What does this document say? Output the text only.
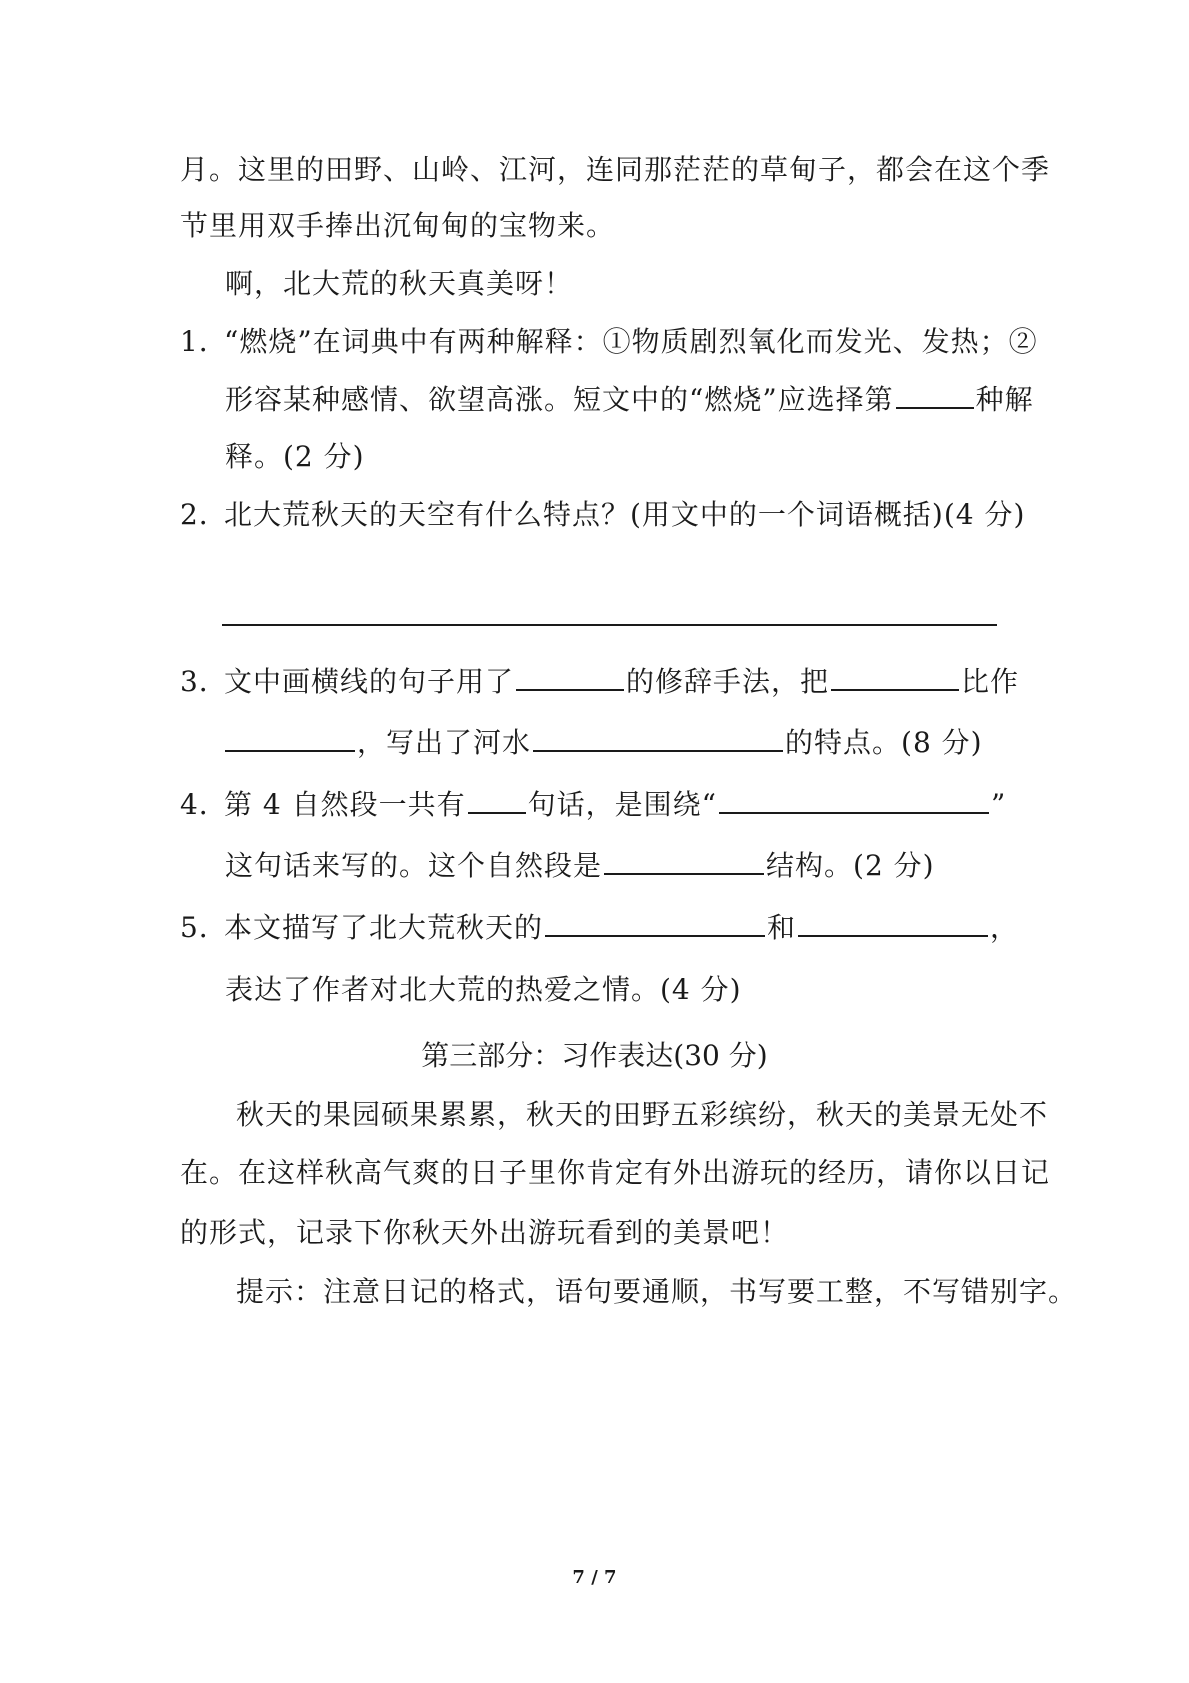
月。这里的田野、山岭、江河，连同那茫茫的草甸子，都会在这个季
节里用双手捧出沉甸甸的宝物来。
啊，北大荒的秋天真美呀！
1．“燃烧”在词典中有两种解释：①物质剧烈氧化而发光、发热；②
形容某种感情、欲望高涨。短文中的“燃烧”应选择第	种解
释。(2 分)
2．北大荒秋天的天空有什么特点？(用文中的一个词语概括)(4 分)
3．文中画横线的句子用了	的修辞手法，把	比作
，写出了河水	的特点。(8 分)
4．第 4 自然段一共有 句话，是围绕“	”
这句话来写的。这个自然段是	结构。(2 分)
5．本文描写了北大荒秋天的	和	，
表达了作者对北大荒的热爱之情。(4 分)
第三部分：习作表达(30 分)
秋天的果园硕果累累，秋天的田野五彩缤纷，秋天的美景无处不
在。在这样秋高气爽的日子里你肯定有外出游玩的经历，请你以日记
的形式，记录下你秋天外出游玩看到的美景吧！
提示：注意日记的格式，语句要通顺，书写要工整，不写错别字。
7 / 7
